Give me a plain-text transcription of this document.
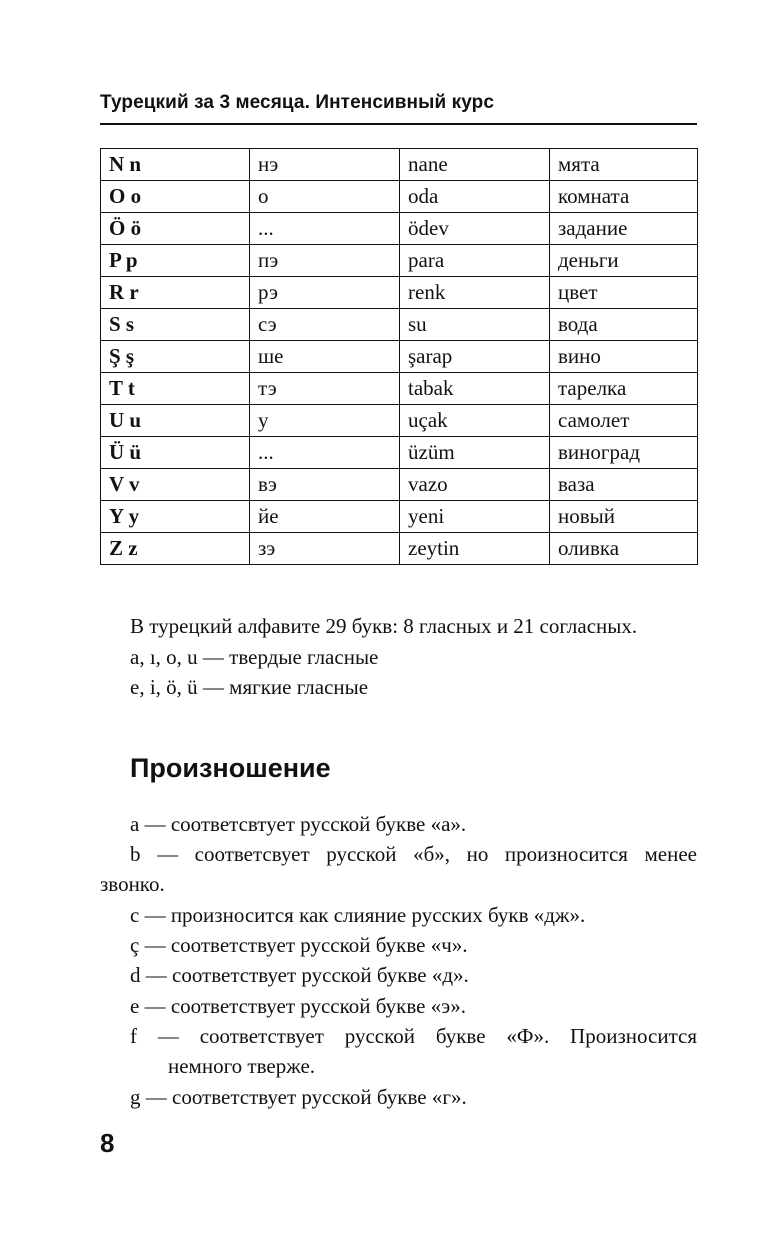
Турецкий за 3 месяца. Интенсивный курс
N n	нэ	nane	мята
O o	о	oda	комната
Ö ö	...	ödev	задание
P p	пэ	para	деньги
R r	рэ	renk	цвет
S s	сэ	su	вода
Ş ş	ше	şarap	вино
T t	тэ	tabak	тарелка
U u	у	uçak	самолет
Ü ü	...	üzüm	виноград
V v	вэ	vazo	ваза
Y y	йе	yeni	новый
Z z	зэ	zeytin	оливка
В турецкий алфавите 29 букв: 8 гласных и 21 согласных.
a, ı, o, u — твердые гласные
e, i, ö, ü — мягкие гласные
Произношение
a — соответсвтует русской букве «а».
b — соответсвует русской «б», но произносится менее
звонко.
c — произносится как слияние русских букв «дж».
ç — соответствует русской букве «ч».
d — соответствует русской букве «д».
e — соответствует русской букве «э».
f — соответствует русской букве «Ф». Произносится
немного тверже.
g — соответствует русской букве «г».
8
